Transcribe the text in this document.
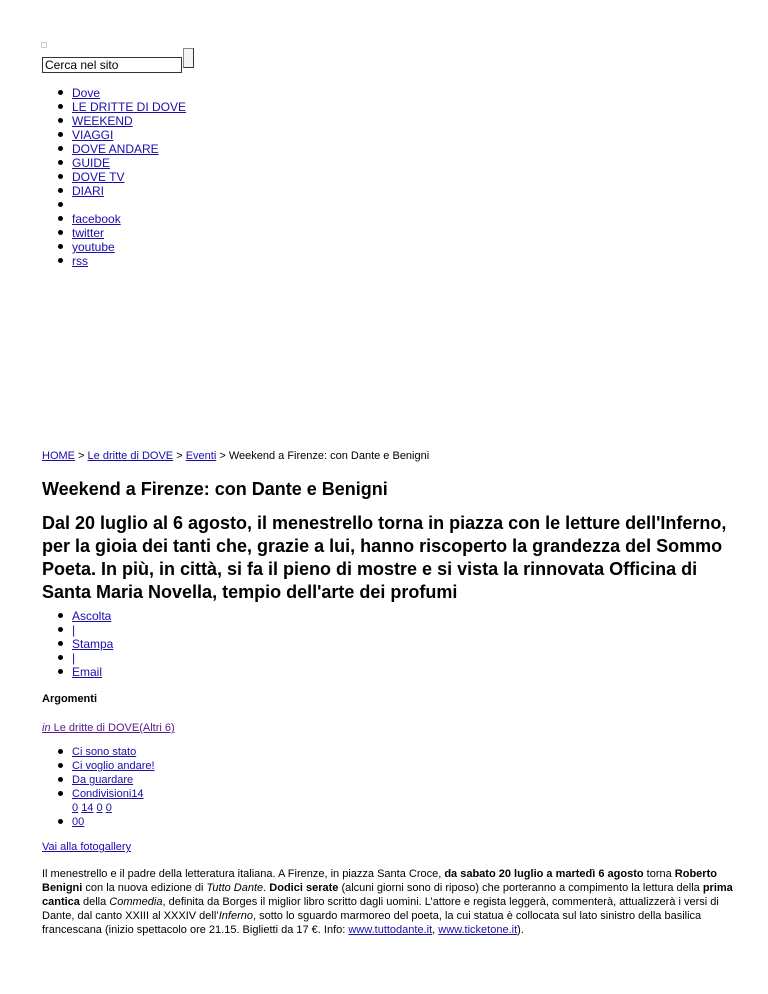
Cerca nel sito
Dove
LE DRITTE DI DOVE
WEEKEND
VIAGGI
DOVE ANDARE
GUIDE
DOVE TV
DIARI
facebook
twitter
youtube
rss
HOME > Le dritte di DOVE > Eventi > Weekend a Firenze: con Dante e Benigni
Weekend a Firenze: con Dante e Benigni
Dal 20 luglio al 6 agosto, il menestrello torna in piazza con le letture dell'Inferno, per la gioia dei tanti che, grazie a lui, hanno riscoperto la grandezza del Sommo Poeta. In più, in città, si fa il pieno di mostre e si vista la rinnovata Officina di Santa Maria Novella, tempio dell'arte dei profumi
Ascolta
|
Stampa
|
Email
Argomenti
in Le dritte di DOVE(Altri 6)
Ci sono stato
Ci voglio andare!
Da guardare
Condivisioni14
0 14 0 0
00
Vai alla fotogallery

Il menestrello e il padre della letteratura italiana. A Firenze, in piazza Santa Croce, da sabato 20 luglio a martedì 6 agosto torna Roberto Benigni con la nuova edizione di Tutto Dante. Dodici serate (alcuni giorni sono di riposo) che porteranno a compimento la lettura della prima cantica della Commedia, definita da Borges il miglior libro scritto dagli uomini. L’attore e regista leggerà, commenterà, attualizzerà i versi di Dante, dal canto XXIII al XXXIV dell’Inferno, sotto lo sguardo marmoreo del poeta, la cui statua è collocata sul lato sinistro della basilica francescana (inizio spettacolo ore 21.15. Biglietti da 17 €. Info: www.tuttodante.it, www.ticketone.it).
